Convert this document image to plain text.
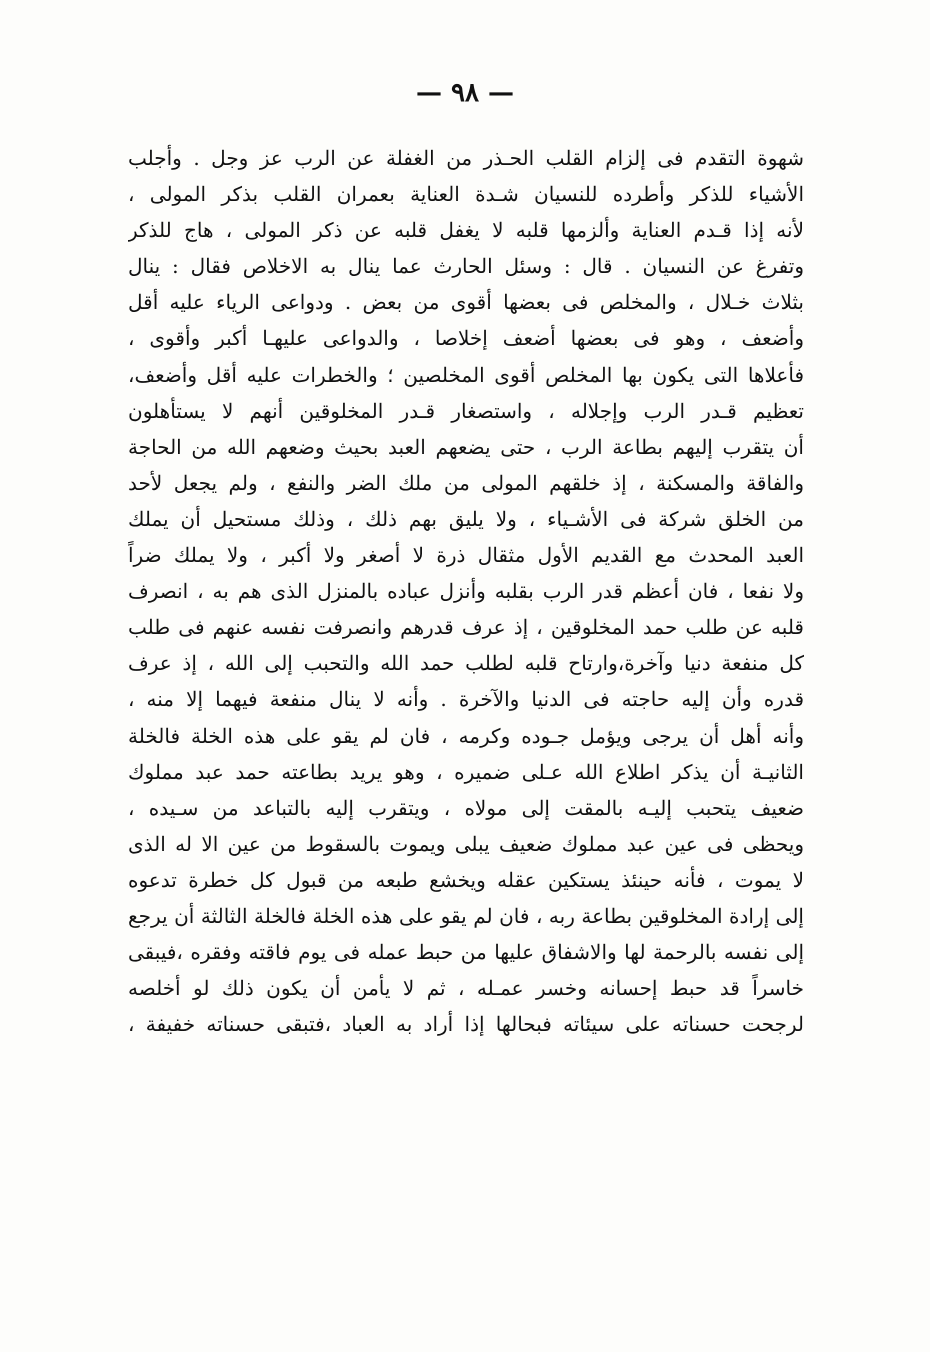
— ٩٨ —
شهوة التقدم فى إلزام القلب الحـذر من الغفلة عن الرب عز وجل . وأجلب
الأشياء للذكر وأطرده للنسيان شـدة العناية بعمران القلب بذكر المولى ،
لأنه إذا قـدم العناية وألزمها قلبه لا يغفل قلبه عن ذكر المولى ، هاج للذكر
وتفرغ عن النسيان . قال : وسئل الحارث عما ينال به الاخلاص فقال : ينال
بثلاث خـلال ، والمخلص فى بعضها أقوى من بعض . ودواعى الرياء عليه أقل
وأضعف ، وهو فى بعضها أضعف إخلاصا ، والدواعى عليهـا أكبر وأقوى ،
فأعلاها التى يكون بها المخلص أقوى المخلصين ؛ والخطرات عليه أقل وأضعف،
تعظيم قـدر الرب وإجلاله ، واستصغار قـدر المخلوقين أنهم لا يستأهلون
أن يتقرب إليهم بطاعة الرب ، حتى يضعهم العبد بحيث وضعهم الله من الحاجة
والفاقة والمسكنة ، إذ خلقهم المولى من ملك الضر والنفع ، ولم يجعل لأحد
من الخلق شركة فى الأشـياء ، ولا يليق بهم ذلك ، وذلك مستحيل أن يملك
العبد المحدث مع القديم الأول مثقال ذرة لا أصغر ولا أكبر ، ولا يملك ضراً
ولا نفعا ، فان أعظم قدر الرب بقلبه وأنزل عباده بالمنزل الذى هم به ، انصرف
قلبه عن طلب حمد المخلوقين ، إذ عرف قدرهم وانصرفت نفسه عنهم فى طلب
كل منفعة دنيا وآخرة،وارتاح قلبه لطلب حمد الله والتحبب إلى الله ، إذ عرف
قدره وأن إليه حاجته فى الدنيا والآخرة . وأنه لا ينال منفعة فيهما إلا منه ،
وأنه أهل أن يرجى ويؤمل جـوده وكرمه ، فان لم يقو على هذه الخلة فالخلة
الثانيـة أن يذكر اطلاع الله عـلى ضميره ، وهو يريد بطاعته حمد عبد مملوك
ضعيف يتحبب إليـه بالمقت إلى مولاه ، ويتقرب إليه بالتباعد من سـيده ،
ويحظى فى عين عبد مملوك ضعيف يبلى ويموت بالسقوط من عين الا له الذى
لا يموت ، فأنه حينئذ يستكين عقله ويخشع طبعه من قبول كل خطرة تدعوه
إلى إرادة المخلوقين بطاعة ربه ، فان لم يقو على هذه الخلة فالخلة الثالثة أن يرجع
إلى نفسه بالرحمة لها والاشفاق عليها من حبط عمله فى يوم فاقته وفقره ،فيبقى
خاسراً قد حبط إحسانه وخسر عمـله ، ثم لا يأمن أن يكون ذلك لو أخلصه
لرجحت حسناته على سيئاته فبحالها إذا أراد به العباد ،فتبقى حسناته خفيفة ،
